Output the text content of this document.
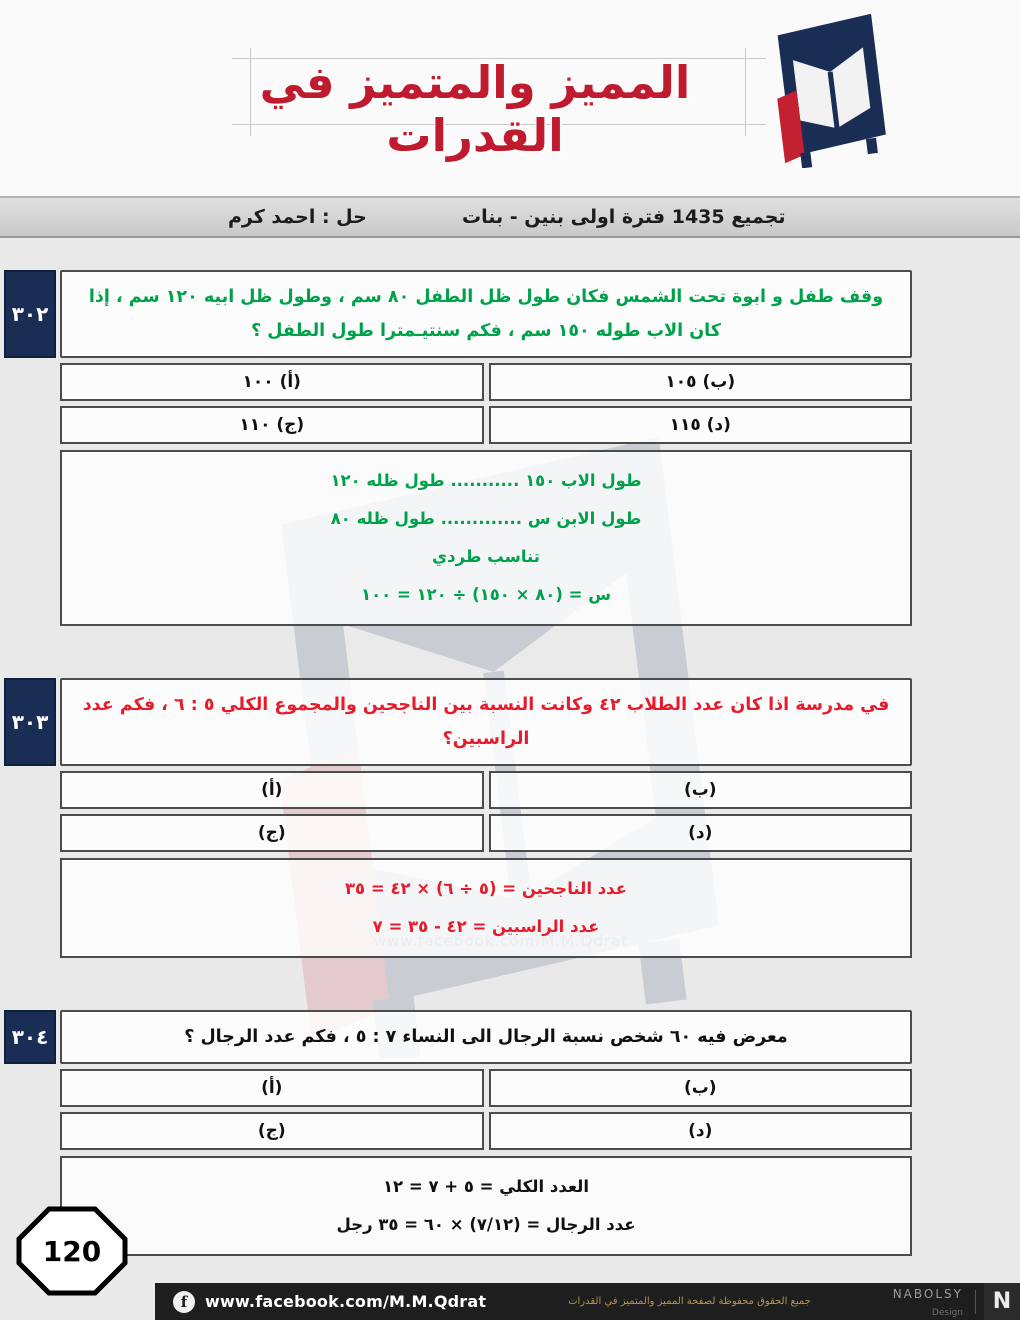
المميز والمتميز في القدرات
تجميع 1435 فترة اولى بنين - بنات
حل : احمد كرم
وقف طفل و ابوة تحت الشمس فكان طول ظل الطفل ٨٠ سم ، وطول ظل ابيه ١٢٠ سم ، إذا كان الاب طوله ١٥٠ سم ، فكم سنتيـمترا طول الطفل ؟
٣٠٢
(أ) ١٠٠	(ب) ١٠٥
(ج) ١١٠	(د) ١١٥
طول الاب ١٥٠ ........... طول ظله ١٢٠
طول الابن س ............. طول ظله ٨٠
تناسب طردي
س = (٨٠ × ١٥٠) ÷ ١٢٠ = ١٠٠
في مدرسة اذا كان عدد الطلاب ٤٢ وكانت النسبة بين الناجحين والمجموع الكلي ٥ : ٦ ، فكم عدد الراسبين؟
٣٠٣
(أ)	(ب)
(ج)	(د)
عدد الناجحين = (٥ ÷ ٦) × ٤٢ = ٣٥
عدد الراسبين = ٤٢ - ٣٥ = ٧
معرض فيه ٦٠ شخص نسبة الرجال الى النساء ٧ : ٥ ، فكم عدد الرجال ؟
٣٠٤
(أ)	(ب)
(ج)	(د)
العدد الكلي = ٥ + ٧ = ١٢
عدد الرجال = (٧/١٢) × ٦٠ = ٣٥ رجل
120
f	www.facebook.com/M.M.Qdrat	جميع الحقوق محفوظة لصفحة المميز والمتميز في القدرات
NABOLSY
Design	N
